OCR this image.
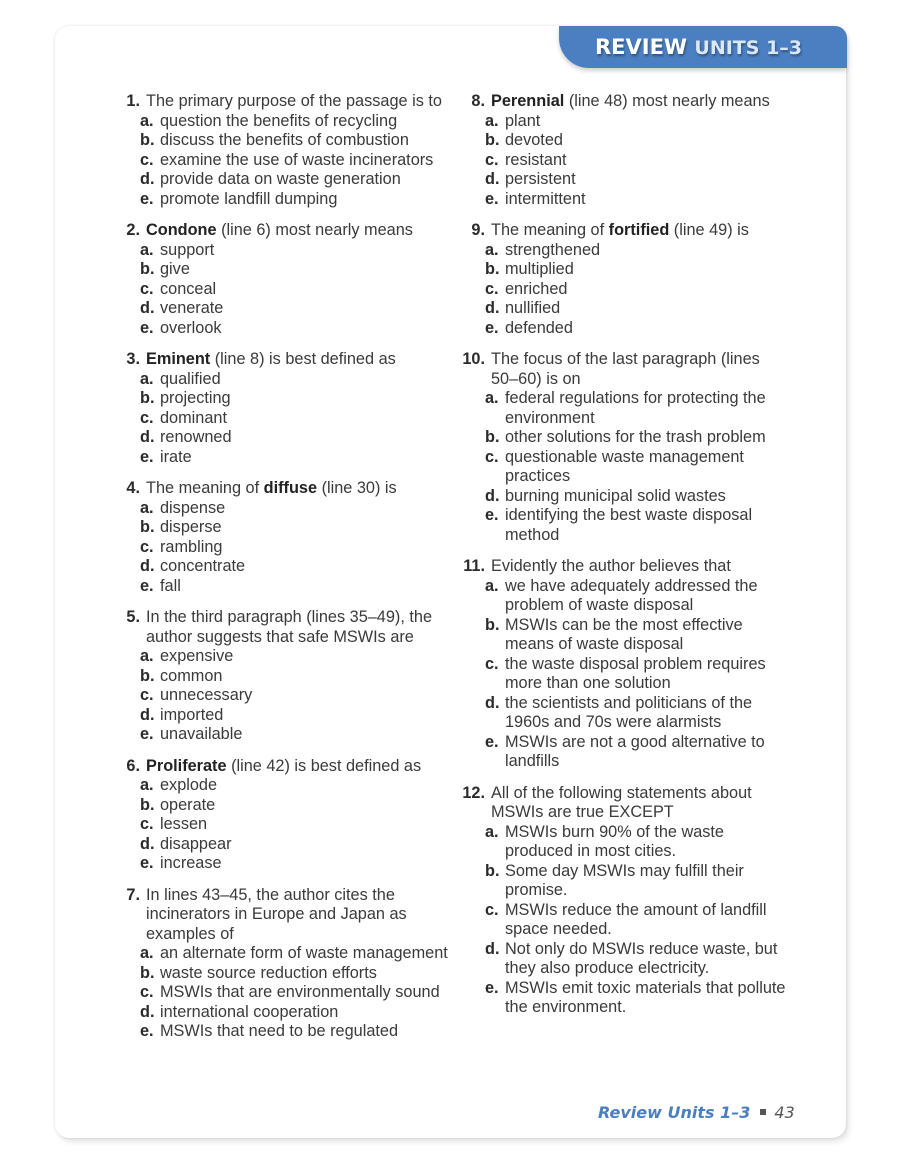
REVIEW UNITS 1–3
1. The primary purpose of the passage is to
a. question the benefits of recycling
b. discuss the benefits of combustion
c. examine the use of waste incinerators
d. provide data on waste generation
e. promote landfill dumping
2. Condone (line 6) most nearly means
a. support
b. give
c. conceal
d. venerate
e. overlook
3. Eminent (line 8) is best defined as
a. qualified
b. projecting
c. dominant
d. renowned
e. irate
4. The meaning of diffuse (line 30) is
a. dispense
b. disperse
c. rambling
d. concentrate
e. fall
5. In the third paragraph (lines 35–49), the author suggests that safe MSWIs are
a. expensive
b. common
c. unnecessary
d. imported
e. unavailable
6. Proliferate (line 42) is best defined as
a. explode
b. operate
c. lessen
d. disappear
e. increase
7. In lines 43–45, the author cites the incinerators in Europe and Japan as examples of
a. an alternate form of waste management
b. waste source reduction efforts
c. MSWIs that are environmentally sound
d. international cooperation
e. MSWIs that need to be regulated
8. Perennial (line 48) most nearly means
a. plant
b. devoted
c. resistant
d. persistent
e. intermittent
9. The meaning of fortified (line 49) is
a. strengthened
b. multiplied
c. enriched
d. nullified
e. defended
10. The focus of the last paragraph (lines 50–60) is on
a. federal regulations for protecting the environment
b. other solutions for the trash problem
c. questionable waste management practices
d. burning municipal solid wastes
e. identifying the best waste disposal method
11. Evidently the author believes that
a. we have adequately addressed the problem of waste disposal
b. MSWIs can be the most effective means of waste disposal
c. the waste disposal problem requires more than one solution
d. the scientists and politicians of the 1960s and 70s were alarmists
e. MSWIs are not a good alternative to landfills
12. All of the following statements about MSWIs are true EXCEPT
a. MSWIs burn 90% of the waste produced in most cities.
b. Some day MSWIs may fulfill their promise.
c. MSWIs reduce the amount of landfill space needed.
d. Not only do MSWIs reduce waste, but they also produce electricity.
e. MSWIs emit toxic materials that pollute the environment.
Review Units 1–3 43
